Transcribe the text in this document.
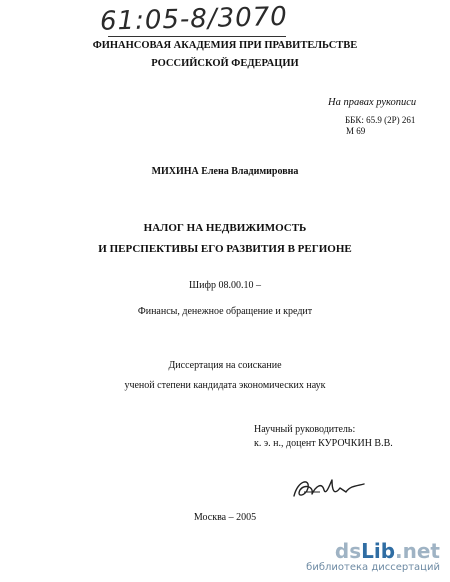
61:05-8/3070
ФИНАНСОВАЯ АКАДЕМИЯ ПРИ ПРАВИТЕЛЬСТВЕ
РОССИЙСКОЙ ФЕДЕРАЦИИ
На правах рукописи
ББК: 65.9 (2Р) 261
М 69
МИХИНА Елена Владимировна
НАЛОГ НА НЕДВИЖИМОСТЬ
И ПЕРСПЕКТИВЫ ЕГО РАЗВИТИЯ В РЕГИОНЕ
Шифр 08.00.10 –
Финансы, денежное обращение и кредит
Диссертация на соискание
ученой степени кандидата экономических наук
Научный руководитель:
к. э. н., доцент КУРОЧКИН В.В.
Москва – 2005
dsLib.net
библиотека диссертаций
